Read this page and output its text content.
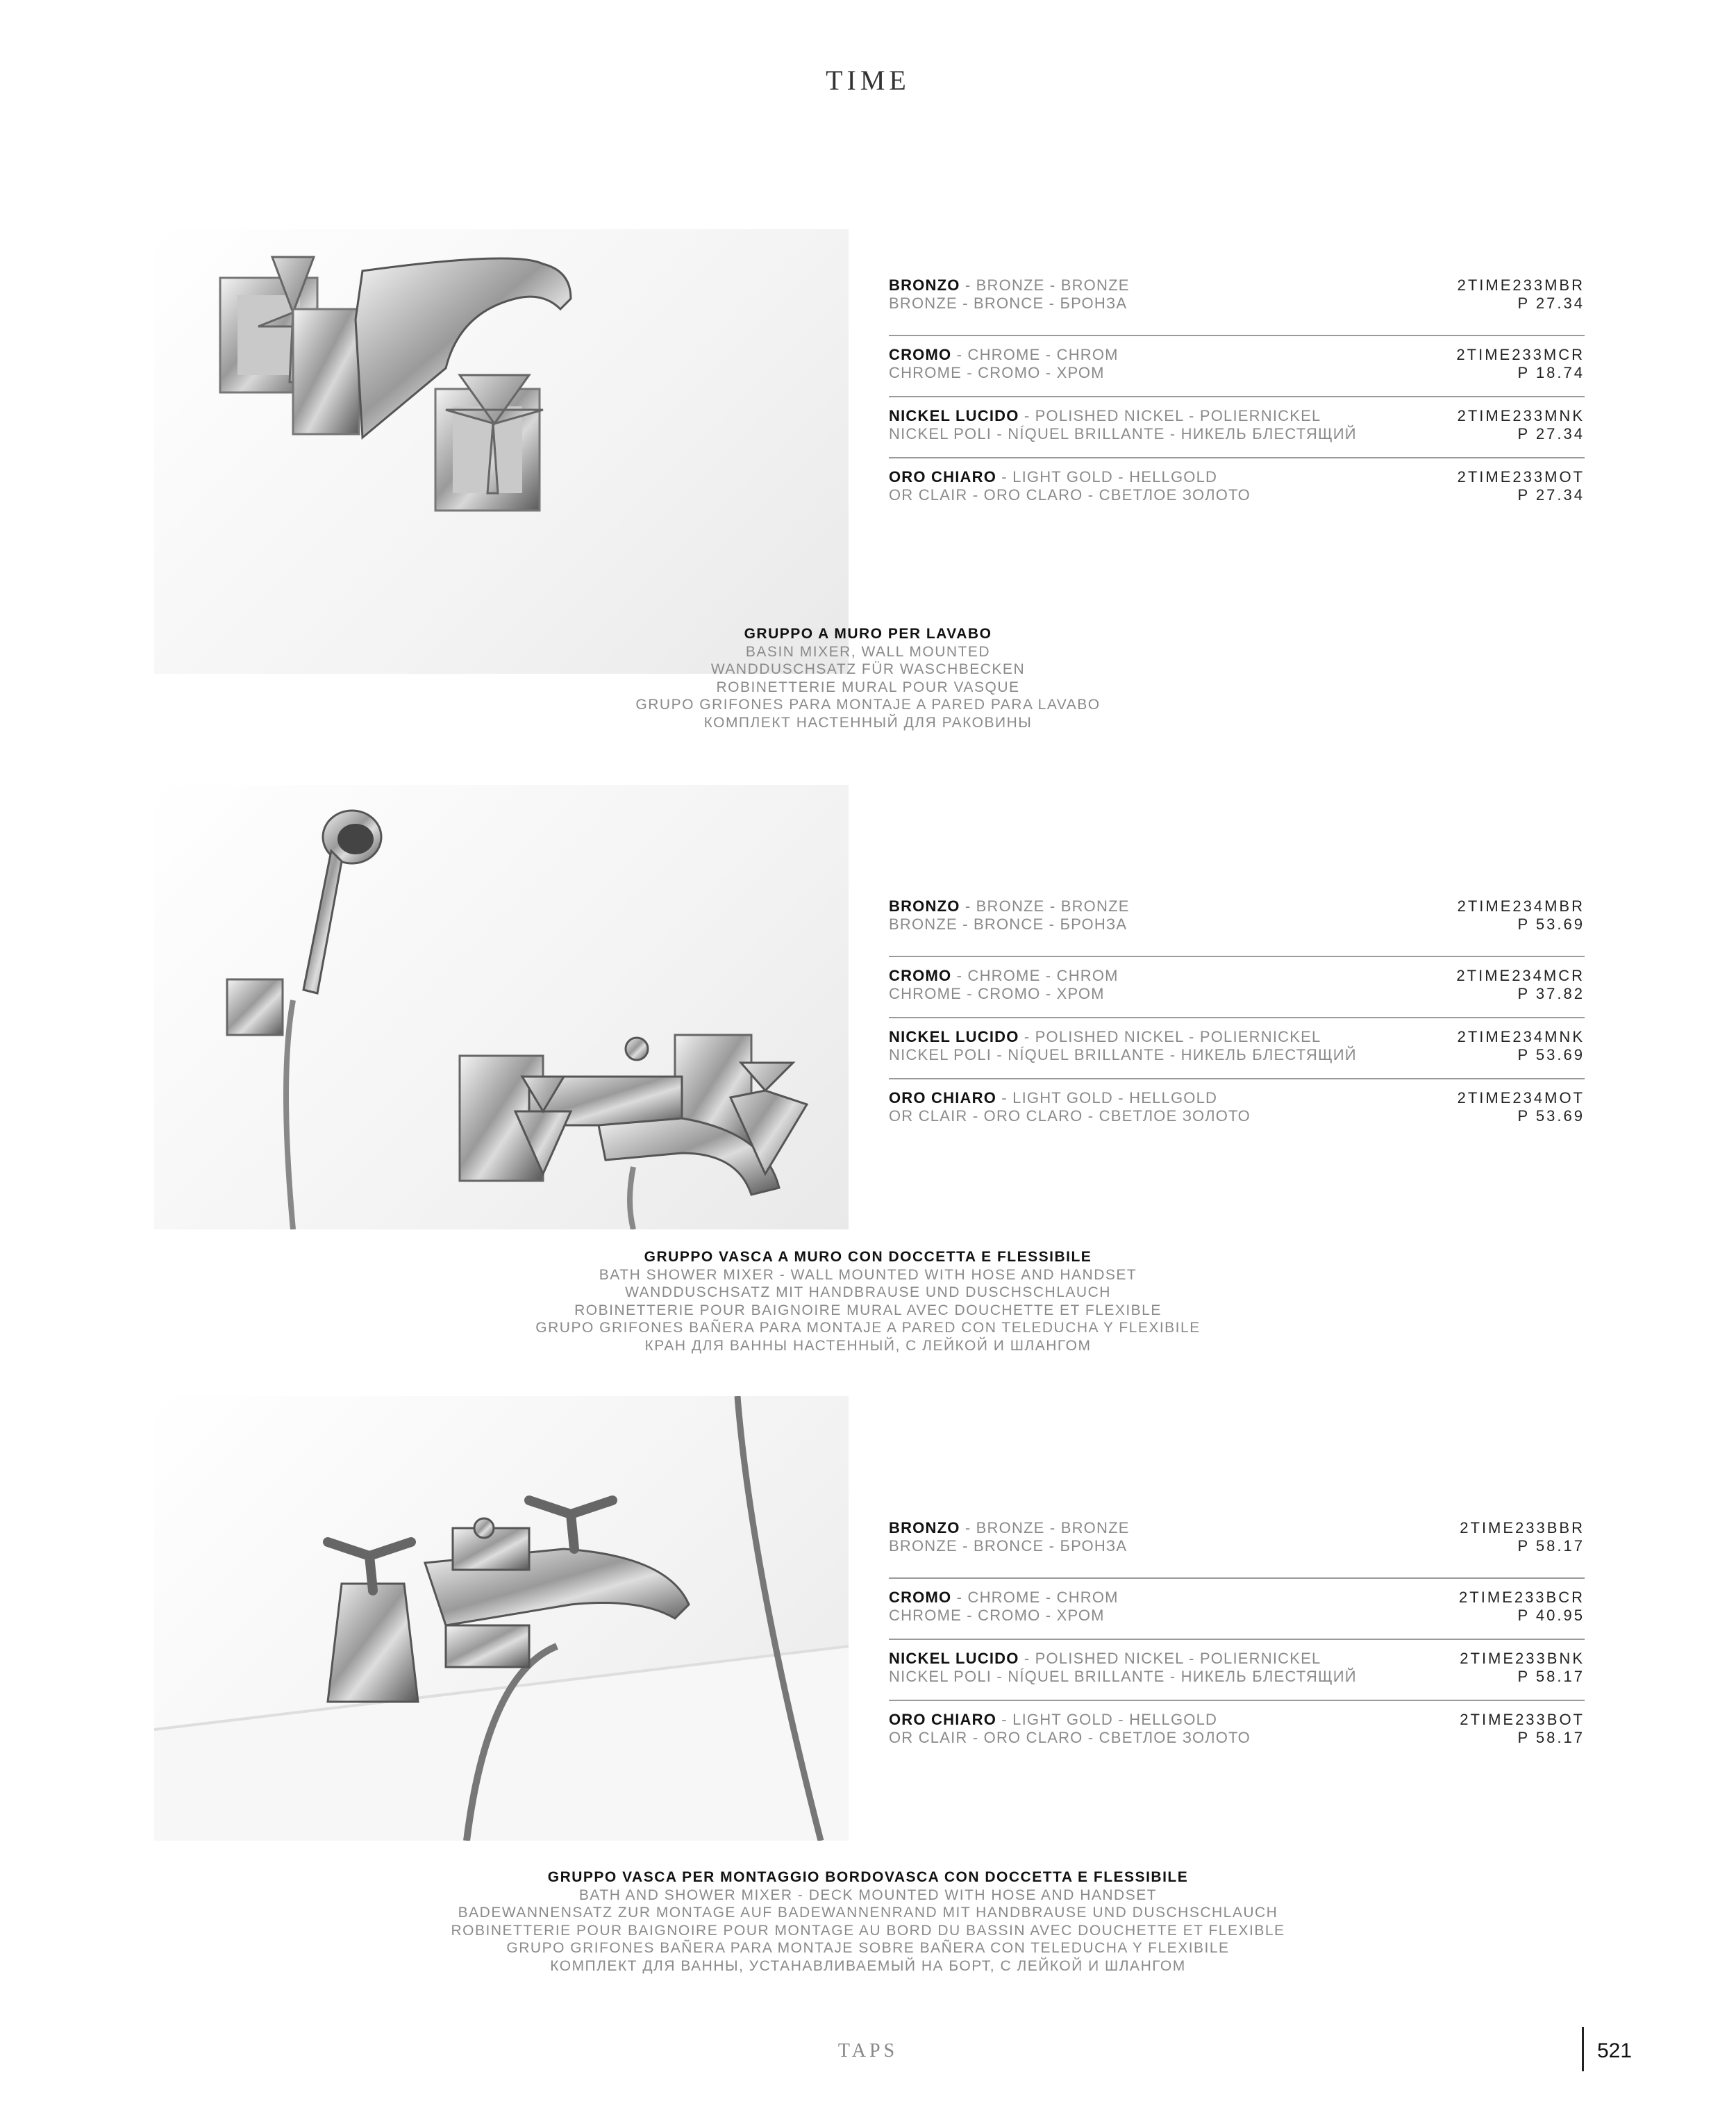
TIME
BRONZO - BRONZE - BRONZE
BRONZE - BRONCE - БРОНЗА
2TIME233MBR
P 27.34
CROMO - CHROME - CHROM
CHROME - CROMO - ХРОМ
2TIME233MCR
P 18.74
NICKEL LUCIDO - POLISHED NICKEL - POLIERNICKEL
NICKEL POLI - NÍQUEL BRILLANTE - НИКЕЛЬ БЛЕСТЯЩИЙ
2TIME233MNK
P 27.34
ORO CHIARO - LIGHT GOLD - HELLGOLD
OR CLAIR - ORO CLARO - СВЕТЛОЕ ЗОЛОТО
2TIME233MOT
P 27.34
GRUPPO A MURO PER LAVABO
BASIN MIXER, WALL MOUNTED
WANDDUSCHSATZ FÜR WASCHBECKEN
ROBINETTERIE MURAL POUR VASQUE
GRUPO GRIFONES PARA MONTAJE A PARED PARA LAVABO
КОМПЛЕКТ НАСТЕННЫЙ ДЛЯ РАКОВИНЫ
BRONZO - BRONZE - BRONZE
BRONZE - BRONCE - БРОНЗА
2TIME234MBR
P 53.69
CROMO - CHROME - CHROM
CHROME - CROMO - ХРОМ
2TIME234MCR
P 37.82
NICKEL LUCIDO - POLISHED NICKEL - POLIERNICKEL
NICKEL POLI - NÍQUEL BRILLANTE - НИКЕЛЬ БЛЕСТЯЩИЙ
2TIME234MNK
P 53.69
ORO CHIARO - LIGHT GOLD - HELLGOLD
OR CLAIR - ORO CLARO - СВЕТЛОЕ ЗОЛОТО
2TIME234MOT
P 53.69
GRUPPO VASCA A MURO CON DOCCETTA E FLESSIBILE
BATH SHOWER MIXER - WALL MOUNTED WITH HOSE AND HANDSET
WANDDUSCHSATZ MIT HANDBRAUSE UND DUSCHSCHLAUCH
ROBINETTERIE POUR BAIGNOIRE MURAL AVEC DOUCHETTE ET FLEXIBLE
GRUPO GRIFONES BAÑERA PARA MONTAJE A PARED CON TELEDUCHA Y FLEXIBILE
КРАН ДЛЯ ВАННЫ НАСТЕННЫЙ, С ЛЕЙКОЙ И ШЛАНГОМ
BRONZO - BRONZE - BRONZE
BRONZE - BRONCE - БРОНЗА
2TIME233BBR
P 58.17
CROMO - CHROME - CHROM
CHROME - CROMO - ХРОМ
2TIME233BCR
P 40.95
NICKEL LUCIDO - POLISHED NICKEL - POLIERNICKEL
NICKEL POLI - NÍQUEL BRILLANTE - НИКЕЛЬ БЛЕСТЯЩИЙ
2TIME233BNK
P 58.17
ORO CHIARO - LIGHT GOLD - HELLGOLD
OR CLAIR - ORO CLARO - СВЕТЛОЕ ЗОЛОТО
2TIME233BOT
P 58.17
GRUPPO VASCA PER MONTAGGIO BORDOVASCA CON DOCCETTA E FLESSIBILE
BATH AND SHOWER MIXER - DECK MOUNTED WITH HOSE AND HANDSET
BADEWANNENSATZ ZUR MONTAGE AUF BADEWANNENRAND MIT HANDBRAUSE UND DUSCHSCHLAUCH
ROBINETTERIE POUR BAIGNOIRE POUR MONTAGE AU BORD DU BASSIN AVEC DOUCHETTE ET FLEXIBLE
GRUPO GRIFONES BAÑERA PARA MONTAJE SOBRE BAÑERA CON TELEDUCHA Y FLEXIBILE
КОМПЛЕКТ ДЛЯ ВАННЫ, УСТАНАВЛИВАЕМЫЙ НА БОРТ, С ЛЕЙКОЙ И ШЛАНГОМ
TAPS	521
